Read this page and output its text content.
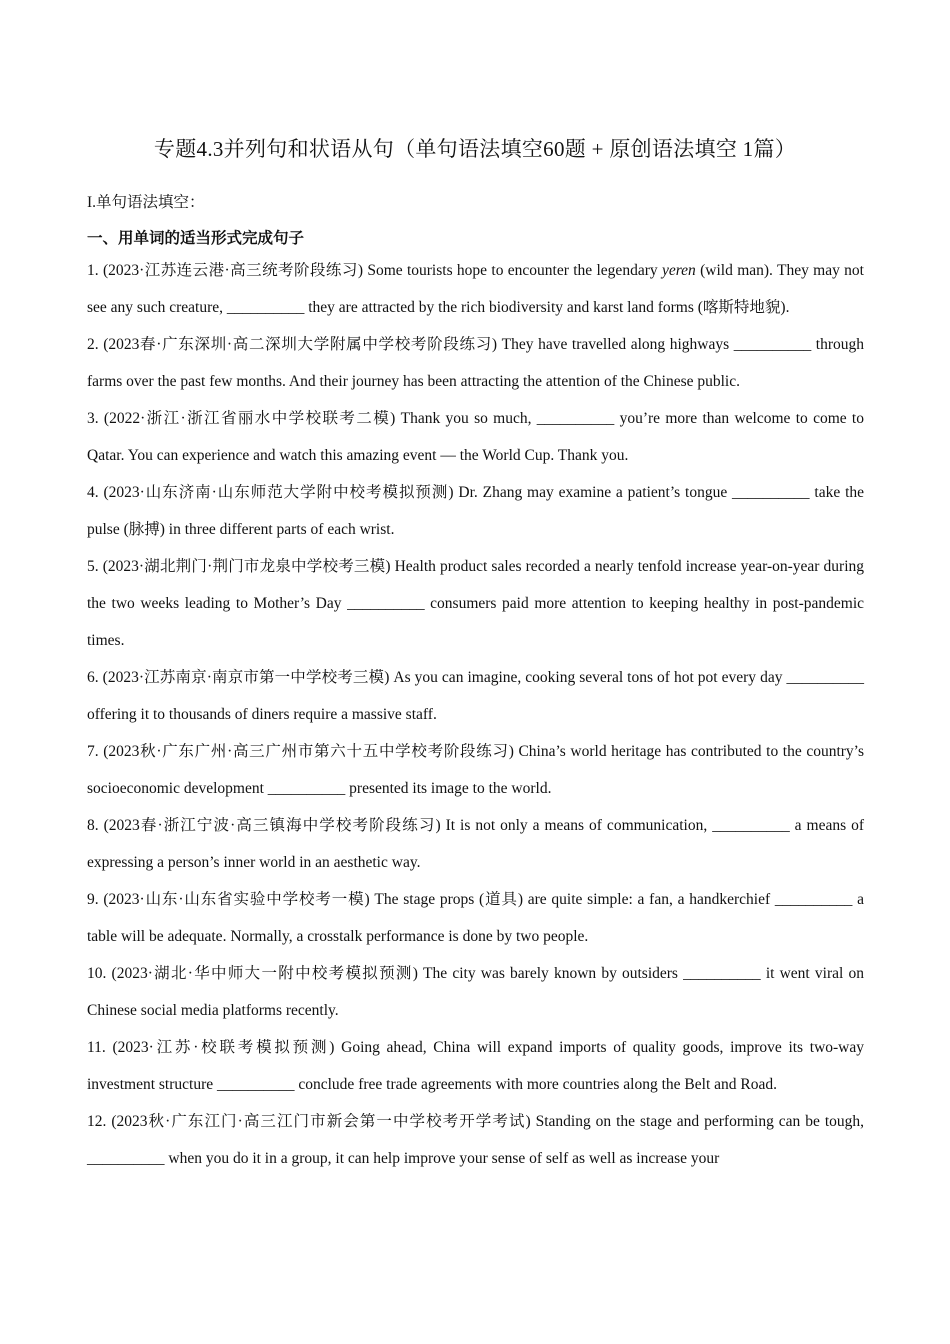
专题4.3并列句和状语从句（单句语法填空60题 + 原创语法填空 1篇）
I.单句语法填空：
一、用单词的适当形式完成句子

1. (2023·江苏连云港·高三统考阶段练习) Some tourists hope to encounter the legendary yeren (wild man). They may not see any such creature, __________ they are attracted by the rich biodiversity and karst land forms (喀斯特地貌).

2. (2023春·广东深圳·高二深圳大学附属中学校考阶段练习) They have travelled along highways __________ through farms over the past few months. And their journey has been attracting the attention of the Chinese public.

3. (2022·浙江·浙江省丽水中学校联考二模) Thank you so much, __________ you’re more than welcome to come to Qatar. You can experience and watch this amazing event — the World Cup. Thank you.

4. (2023·山东济南·山东师范大学附中校考模拟预测) Dr. Zhang may examine a patient’s tongue __________ take the pulse (脉搏) in three different parts of each wrist.

5. (2023·湖北荆门·荆门市龙泉中学校考三模) Health product sales recorded a nearly tenfold increase year-on-year during the two weeks leading to Mother’s Day __________ consumers paid more attention to keeping healthy in post-pandemic times.

6. (2023·江苏南京·南京市第一中学校考三模) As you can imagine, cooking several tons of hot pot every day __________ offering it to thousands of diners require a massive staff.

7. (2023秋·广东广州·高三广州市第六十五中学校考阶段练习) China’s world heritage has contributed to the country’s socioeconomic development __________ presented its image to the world.

8. (2023春·浙江宁波·高三镇海中学校考阶段练习) It is not only a means of communication, __________ a means of expressing a person’s inner world in an aesthetic way.

9. (2023·山东·山东省实验中学校考一模) The stage props (道具) are quite simple: a fan, a handkerchief __________ a table will be adequate. Normally, a crosstalk performance is done by two people.

10. (2023·湖北·华中师大一附中校考模拟预测) The city was barely known by outsiders __________ it went viral on Chinese social media platforms recently.

11. (2023·江苏·校联考模拟预测) Going ahead, China will expand imports of quality goods, improve its two-way investment structure __________ conclude free trade agreements with more countries along the Belt and Road.

12. (2023秋·广东江门·高三江门市新会第一中学校考开学考试) Standing on the stage and performing can be tough, __________ when you do it in a group, it can help improve your sense of self as well as increase your
